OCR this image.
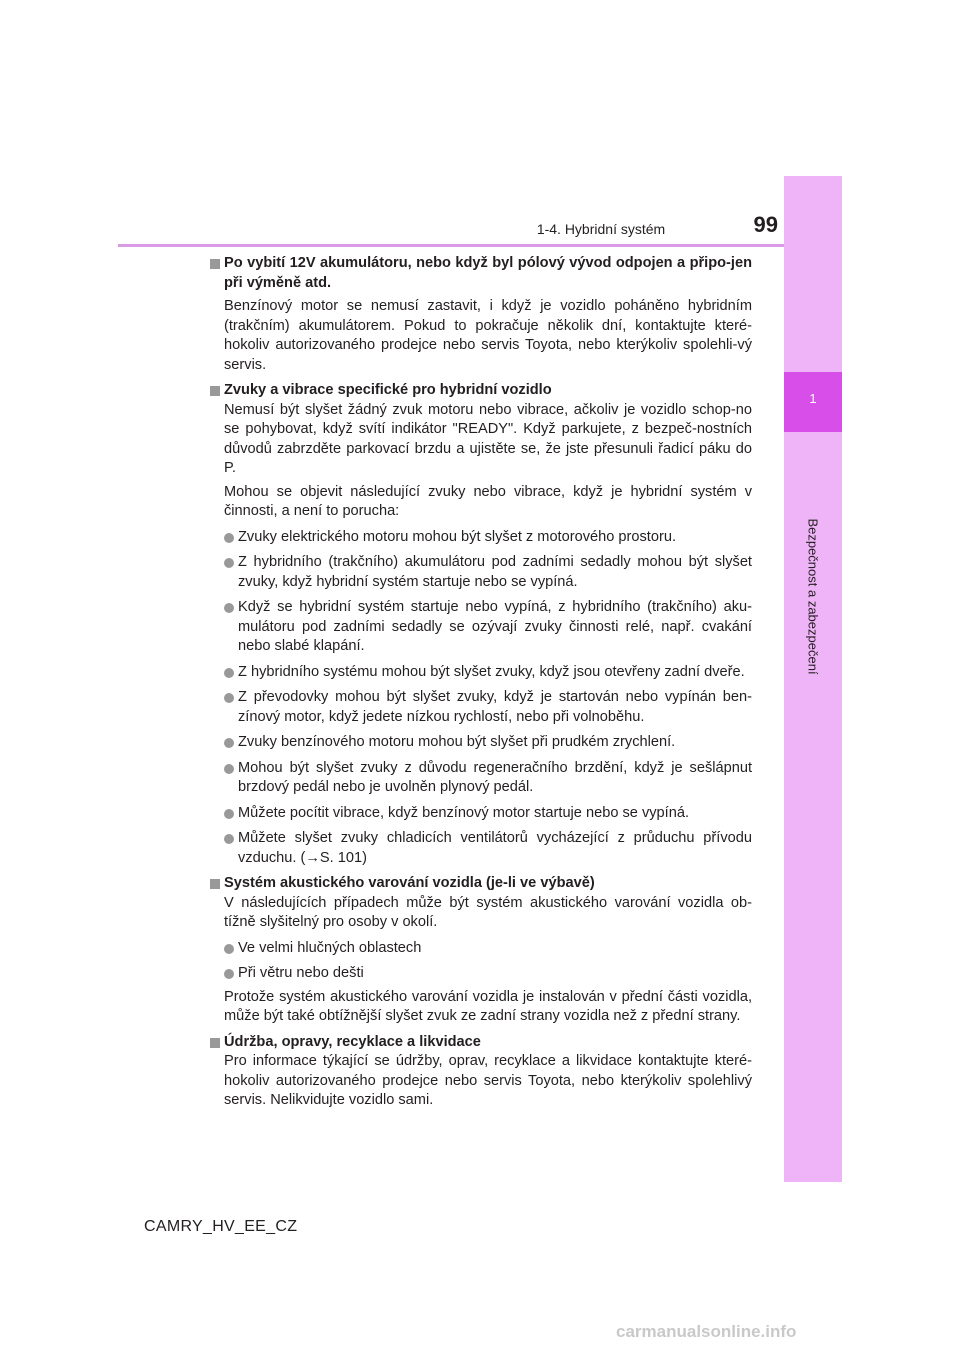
1
Bezpečnost a zabezpečení
1-4. Hybridní systém	99
Po vybití 12V akumulátoru, nebo když byl pólový vývod odpojen a připo-jen při výměně atd.
Benzínový motor se nemusí zastavit, i když je vozidlo poháněno hybridním (trakčním) akumulátorem. Pokud to pokračuje několik dní, kontaktujte které-hokoliv autorizovaného prodejce nebo servis Toyota, nebo kterýkoliv spolehli-vý servis.
Zvuky a vibrace specifické pro hybridní vozidlo
Nemusí být slyšet žádný zvuk motoru nebo vibrace, ačkoliv je vozidlo schop-no se pohybovat, když svítí indikátor "READY". Když parkujete, z bezpeč-nostních důvodů zabrzděte parkovací brzdu a ujistěte se, že jste přesunuli řadicí páku do P.
Mohou se objevit následující zvuky nebo vibrace, když je hybridní systém v činnosti, a není to porucha:
Zvuky elektrického motoru mohou být slyšet z motorového prostoru.
Z hybridního (trakčního) akumulátoru pod zadními sedadly mohou být slyšet zvuky, když hybridní systém startuje nebo se vypíná.
Když se hybridní systém startuje nebo vypíná, z hybridního (trakčního) aku-mulátoru pod zadními sedadly se ozývají zvuky činnosti relé, např. cvakání nebo slabé klapání.
Z hybridního systému mohou být slyšet zvuky, když jsou otevřeny zadní dveře.
Z převodovky mohou být slyšet zvuky, když je startován nebo vypínán ben-zínový motor, když jedete nízkou rychlostí, nebo při volnoběhu.
Zvuky benzínového motoru mohou být slyšet při prudkém zrychlení.
Mohou být slyšet zvuky z důvodu regeneračního brzdění, když je sešlápnut brzdový pedál nebo je uvolněn plynový pedál.
Můžete pocítit vibrace, když benzínový motor startuje nebo se vypíná.
Můžete slyšet zvuky chladicích ventilátorů vycházející z průduchu přívodu vzduchu. (→S. 101)
Systém akustického varování vozidla (je-li ve výbavě)
V následujících případech může být systém akustického varování vozidla ob-tížně slyšitelný pro osoby v okolí.
Ve velmi hlučných oblastech
Při větru nebo dešti
Protože systém akustického varování vozidla je instalován v přední části vozidla, může být také obtížnější slyšet zvuk ze zadní strany vozidla než z přední strany.
Údržba, opravy, recyklace a likvidace
Pro informace týkající se údržby, oprav, recyklace a likvidace kontaktujte které-hokoliv autorizovaného prodejce nebo servis Toyota, nebo kterýkoliv spolehlivý servis. Nelikvidujte vozidlo sami.
CAMRY_HV_EE_CZ
carmanualsonline.info
